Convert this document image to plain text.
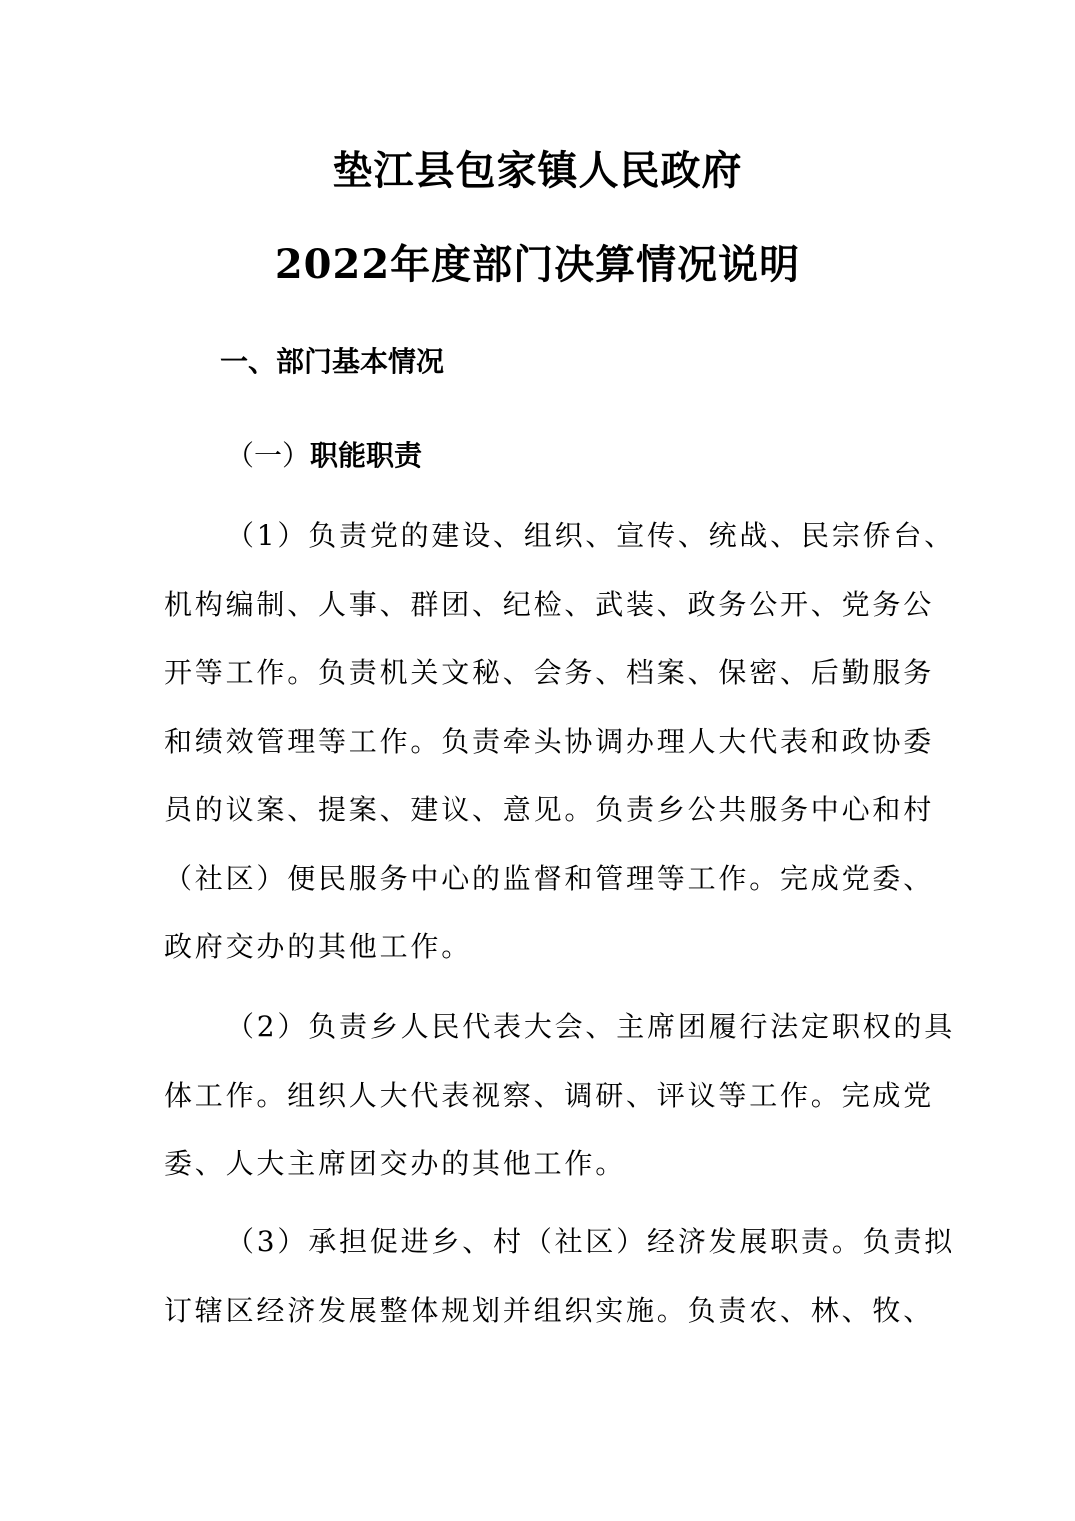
垫江县包家镇人民政府
2022年度部门决算情况说明
一、部门基本情况
（一）职能职责
（1）负责党的建设、组织、宣传、统战、民宗侨台、
机构编制、人事、群团、纪检、武装、政务公开、党务公
开等工作。负责机关文秘、会务、档案、保密、后勤服务
和绩效管理等工作。负责牵头协调办理人大代表和政协委
员的议案、提案、建议、意见。负责乡公共服务中心和村
（社区）便民服务中心的监督和管理等工作。完成党委、
政府交办的其他工作。
（2）负责乡人民代表大会、主席团履行法定职权的具
体工作。组织人大代表视察、调研、评议等工作。完成党
委、人大主席团交办的其他工作。
（3）承担促进乡、村（社区）经济发展职责。负责拟
订辖区经济发展整体规划并组织实施。负责农、林、牧、
